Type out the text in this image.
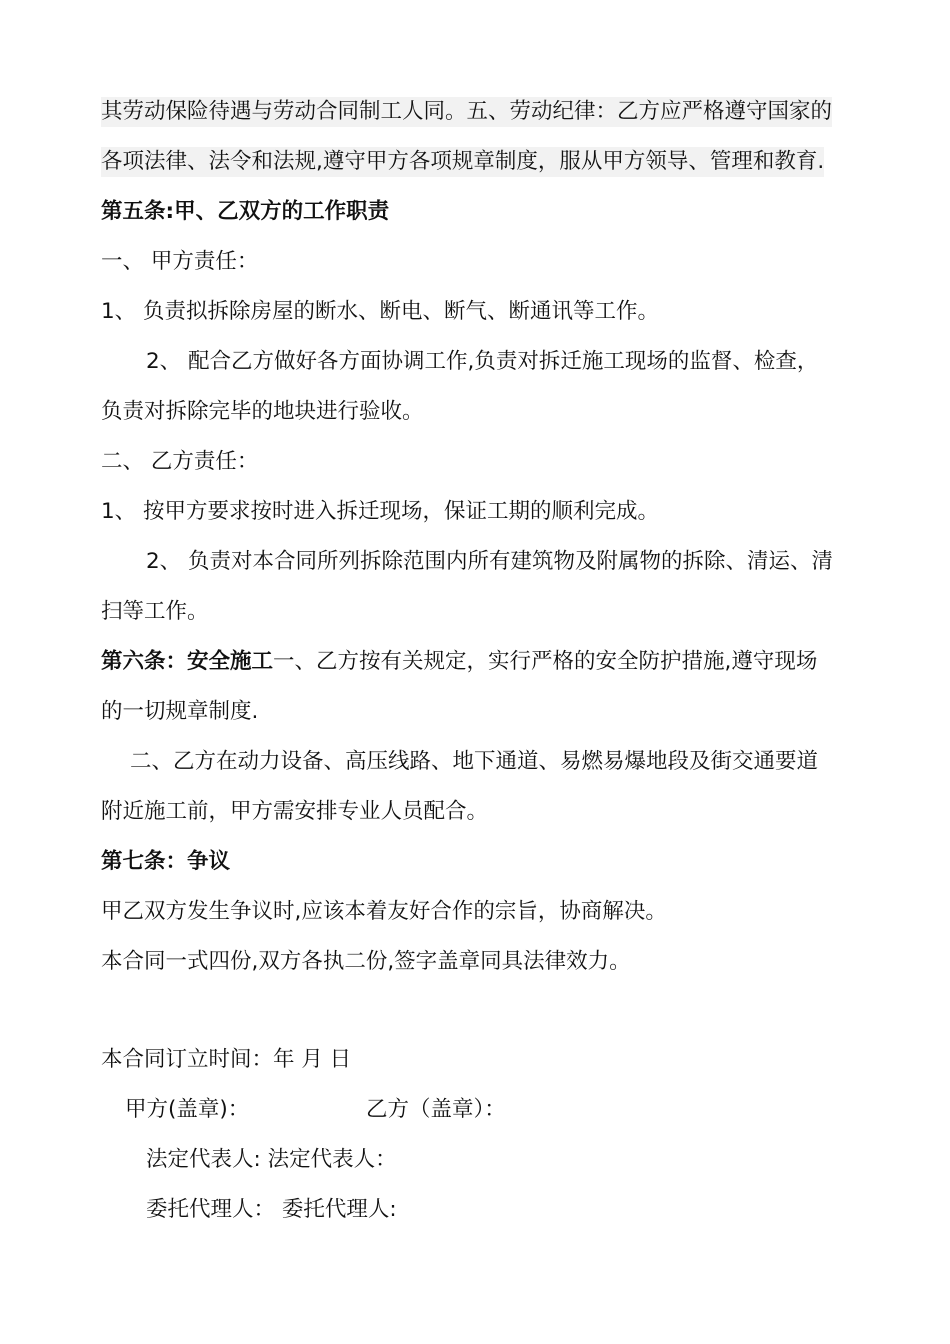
其劳动保险待遇与劳动合同制工人同。五、劳动纪律：乙方应严格遵守国家的
各项法律、法令和法规,遵守甲方各项规章制度，服从甲方领导、管理和教育.
第五条:甲、乙双方的工作职责
一、 甲方责任：
1、 负责拟拆除房屋的断水、断电、断气、断通讯等工作。
2、 配合乙方做好各方面协调工作,负责对拆迁施工现场的监督、检查，
负责对拆除完毕的地块进行验收。
二、 乙方责任：
1、 按甲方要求按时进入拆迁现场，保证工期的顺利完成。
2、 负责对本合同所列拆除范围内所有建筑物及附属物的拆除、清运、清
扫等工作。
第六条：安全施工一、乙方按有关规定，实行严格的安全防护措施,遵守现场
的一切规章制度.
二、乙方在动力设备、高压线路、地下通道、易燃易爆地段及街交通要道
附近施工前，甲方需安排专业人员配合。
第七条：争议
甲乙双方发生争议时,应该本着友好合作的宗旨，协商解决。
本合同一式四份,双方各执二份,签字盖章同具法律效力。
本合同订立时间：年 月 日
甲方(盖章)：	乙方（盖章）：
法定代表人: 法定代表人：
委托代理人： 委托代理人:
